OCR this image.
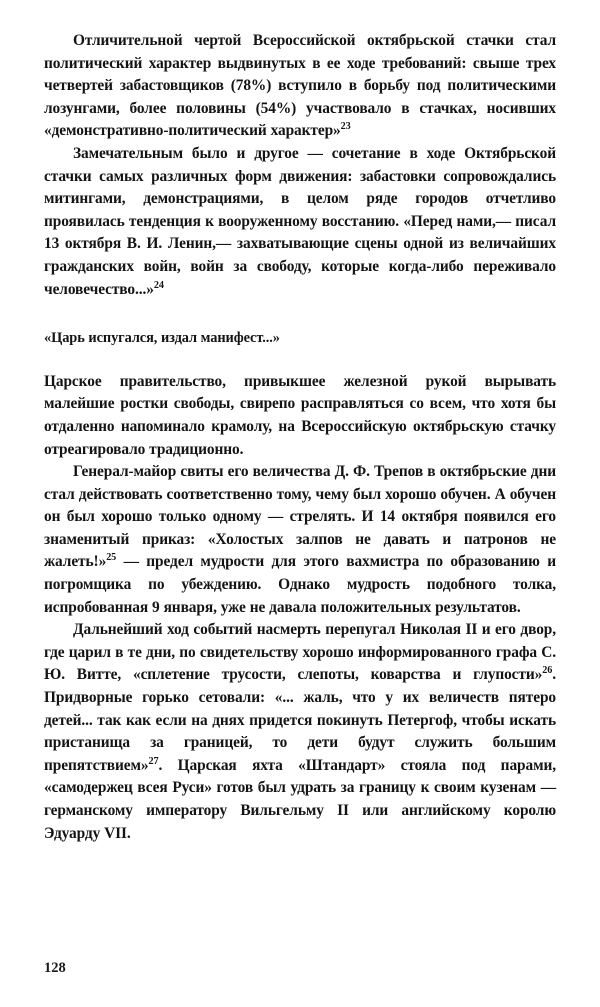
Отличительной чертой Всероссийской октябрьской стачки стал политический характер выдвинутых в ее ходе требований: свыше трех четвертей забастовщиков (78%) вступило в борьбу под политическими лозунгами, более половины (54%) участвовало в стачках, носивших «демонстративно-политический характер»$^{23}$

Замечательным было и другое — сочетание в ходе Октябрьской стачки самых различных форм движения: забастовки сопровождались митингами, демонстрациями, в целом ряде городов отчетливо проявилась тенденция к вооруженному восстанию. «Перед нами,— писал 13 октября В. И. Ленин,— захватывающие сцены одной из величайших гражданских войн, войн за свободу, которые когда-либо переживало человечество...»$^{24}$

«Царь испугался, издал манифест...»

Царское правительство, привыкшее железной рукой вырывать малейшие ростки свободы, свирепо расправляться со всем, что хотя бы отдаленно напоминало крамолу, на Всероссийскую октябрьскую стачку отреагировало традиционно.

Генерал-майор свиты его величества Д. Ф. Трепов в октябрьские дни стал действовать соответственно тому, чему был хорошо обучен. А обучен он был хорошо только одному — стрелять. И 14 октября появился его знаменитый приказ: «Холостых залпов не давать и патронов не жалеть!»$^{25}$ — предел мудрости для этого вахмистра по образованию и погромщика по убеждению. Однако мудрость подобного толка, испробованная 9 января, уже не давала положительных результатов.

Дальнейший ход событий насмерть перепугал Николая II и его двор, где царил в те дни, по свидетельству хорошо информированного графа С. Ю. Витте, «сплетение трусости, слепоты, коварства и глупости»$^{26}$. Придворные горько сетовали: «... жаль, что у их величеств пятеро детей... так как если на днях придется покинуть Петергоф, чтобы искать пристанища за границей, то дети будут служить большим препятствием»$^{27}$. Царская яхта «Штандарт» стояла под парами, «самодержец всея Руси» готов был удрать за границу к своим кузенам — германскому императору Вильгельму II или английскому королю Эдуарду VII.

128
